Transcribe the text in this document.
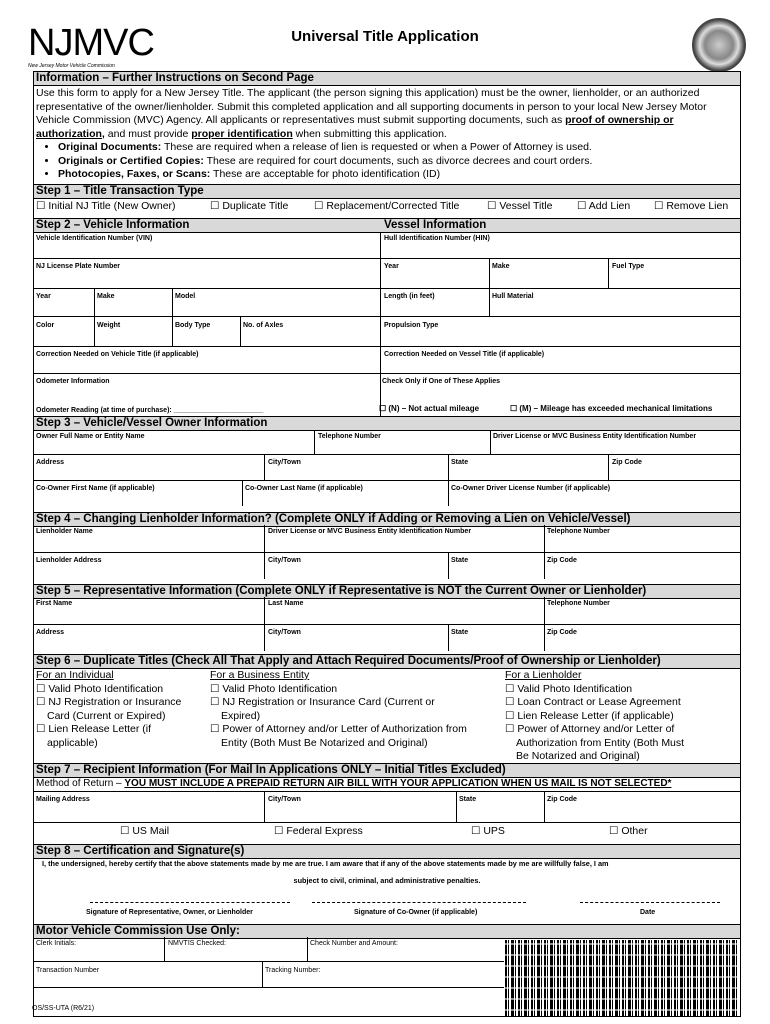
NJMVC
New Jersey Motor Vehicle Commission
Universal Title Application
Information – Further Instructions on Second Page
Use this form to apply for a New Jersey Title. The applicant (the person signing this application) must be the owner, lienholder, or an authorized representative of the owner/lienholder. Submit this completed application and all supporting documents in person to your local New Jersey Motor Vehicle Commission (MVC) Agency. All applicants or representatives must submit supporting documents, such as proof of ownership or authorization, and must provide proper identification when submitting this application.
• Original Documents: These are required when a release of lien is requested or when a Power of Attorney is used.
• Originals or Certified Copies: These are required for court documents, such as divorce decrees and court orders.
• Photocopies, Faxes, or Scans: These are acceptable for photo identification (ID)
Step 1 – Title Transaction Type
☐ Initial NJ Title (New Owner)	☐ Duplicate Title ☐ Replacement/Corrected Title	☐ Vessel Title ☐ Add Lien ☐ Remove Lien
Step 2 – Vehicle Information	Vessel Information
Vehicle Identification Number (VIN)	Hull Identification Number (HIN)
NJ License Plate Number	Year	Make	Fuel Type
Year	Make	Model	Length (in feet)	Hull Material
Color	Weight	Body Type	No. of Axles	Propulsion Type
Correction Needed on Vehicle Title (if applicable)	Correction Needed on Vessel Title (if applicable)
Odometer Information	Check Only if One of These Applies
Odometer Reading (at time of purchase): _______________________	☐ (N) – Not actual mileage	☐ (M) – Mileage has exceeded mechanical limitations
Step 3 – Vehicle/Vessel Owner Information
Owner Full Name or Entity Name	Telephone Number	Driver License or MVC Business Entity Identification Number
Address	City/Town	State	Zip Code
Co-Owner First Name (if applicable)	Co-Owner Last Name (if applicable)	Co-Owner Driver License Number (if applicable)
Step 4 – Changing Lienholder Information? (Complete ONLY if Adding or Removing a Lien on Vehicle/Vessel)
Lienholder Name	Driver License or MVC Business Entity Identification Number	Telephone Number
Lienholder Address	City/Town	State	Zip Code
Step 5 – Representative Information (Complete ONLY if Representative is NOT the Current Owner or Lienholder)
First Name	Last Name	Telephone Number
Address	City/Town	State	Zip Code
Step 6 – Duplicate Titles (Check All That Apply and Attach Required Documents/Proof of Ownership or Lienholder)
For an Individual
☐ Valid Photo Identification
☐ NJ Registration or Insurance
Card (Current or Expired)
☐ Lien Release Letter (if
applicable)
For a Business Entity
☐ Valid Photo Identification
☐ NJ Registration or Insurance Card (Current or
Expired)
☐ Power of Attorney and/or Letter of Authorization from
Entity (Both Must Be Notarized and Original)
For a Lienholder
☐ Valid Photo Identification
☐ Loan Contract or Lease Agreement
☐ Lien Release Letter (if applicable)
☐ Power of Attorney and/or Letter of
Authorization from Entity (Both Must
Be Notarized and Original)
Step 7 – Recipient Information (For Mail In Applications ONLY – Initial Titles Excluded)
Method of Return – YOU MUST INCLUDE A PREPAID RETURN AIR BILL WITH YOUR APPLICATION WHEN US MAIL IS NOT SELECTED*
Mailing Address	City/Town	State	Zip Code
☐ US Mail	☐ Federal Express	☐ UPS	☐ Other
Step 8 – Certification and Signature(s)
I, the undersigned, hereby certify that the above statements made by me are true. I am aware that if any of the above statements made by me are willfully false, I am
subject to civil, criminal, and administrative penalties.
Signature of Representative, Owner, or Lienholder	Signature of Co-Owner (if applicable)	Date
Motor Vehicle Commission Use Only:
Clerk Initials:	NMVTIS Checked:	Check Number and Amount:
Transaction Number	Tracking Number:
OS/SS-UTA (R6/21)
